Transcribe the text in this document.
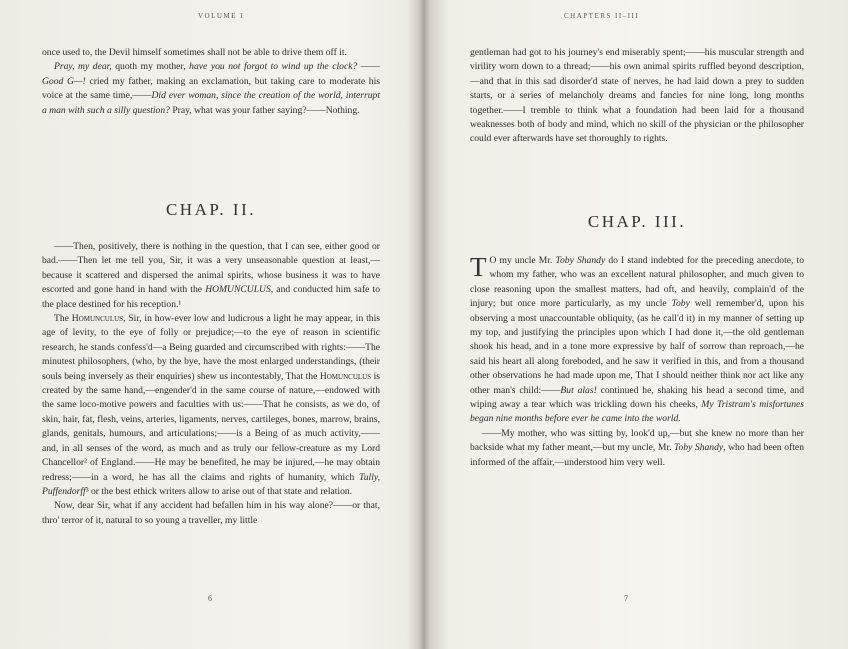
VOLUME I

once used to, the Devil himself sometimes shall not be able to drive them off it.

Pray, my dear, quoth my mother, have you not forgot to wind up the clock? ——Good G—! cried my father, making an exclamation, but taking care to moderate his voice at the same time,——Did ever woman, since the creation of the world, interrupt a man with such a silly question? Pray, what was your father saying?——Nothing.

CHAP. II.

——Then, positively, there is nothing in the question, that I can see, either good or bad.——Then let me tell you, Sir, it was a very unseasonable question at least,—because it scattered and dispersed the animal spirits, whose business it was to have escorted and gone hand in hand with the HOMUNCULUS, and conducted him safe to the place destined for his reception.¹

The Homunculus, Sir, in how-ever low and ludicrous a light he may appear, in this age of levity, to the eye of folly or prejudice;—to the eye of reason in scientific research, he stands confess'd—a Being guarded and circumscribed with rights:——The minutest philosophers, (who, by the bye, have the most enlarged understandings, (their souls being inversely as their enquiries) shew us incontestably, That the Homunculus is created by the same hand,—engender'd in the same course of nature,—endowed with the same loco-motive powers and faculties with us:——That he consists, as we do, of skin, hair, fat, flesh, veins, arteries, ligaments, nerves, cartileges, bones, marrow, brains, glands, genitals, humours, and articulations;——is a Being of as much activity,——and, in all senses of the word, as much and as truly our fellow-creature as my Lord Chancellor² of England.——He may be benefited, he may be injured,—he may obtain redress;——in a word, he has all the claims and rights of humanity, which Tully, Puffendorff³ or the best ethick writers allow to arise out of that state and relation.

Now, dear Sir, what if any accident had befallen him in his way alone?——or that, thro' terror of it, natural to so young a traveller, my little

6
CHAPTERS II–III

gentleman had got to his journey's end miserably spent;——his muscular strength and virility worn down to a thread;——his own animal spirits ruffled beyond description,—and that in this sad disorder'd state of nerves, he had laid down a prey to sudden starts, or a series of melancholy dreams and fancies for nine long, long months together.——I tremble to think what a foundation had been laid for a thousand weaknesses both of body and mind, which no skill of the physician or the philosopher could ever afterwards have set thoroughly to rights.

CHAP. III.

T O my uncle Mr. Toby Shandy do I stand indebted for the preceding anecdote, to whom my father, who was an excellent natural philosopher, and much given to close reasoning upon the smallest matters, had oft, and heavily, complain'd of the injury; but once more particularly, as my uncle Toby well remember'd, upon his observing a most unaccountable obliquity, (as he call'd it) in my manner of setting up my top, and justifying the principles upon which I had done it,—the old gentleman shook his head, and in a tone more expressive by half of sorrow than reproach,—he said his heart all along foreboded, and he saw it verified in this, and from a thousand other observations he had made upon me, That I should neither think nor act like any other man's child:——But alas! continued he, shaking his head a second time, and wiping away a tear which was trickling down his cheeks, My Tristram's misfortunes began nine months before ever he came into the world.

——My mother, who was sitting by, look'd up,—but she knew no more than her backside what my father meant,—but my uncle, Mr. Toby Shandy, who had been often informed of the affair,—understood him very well.

7
